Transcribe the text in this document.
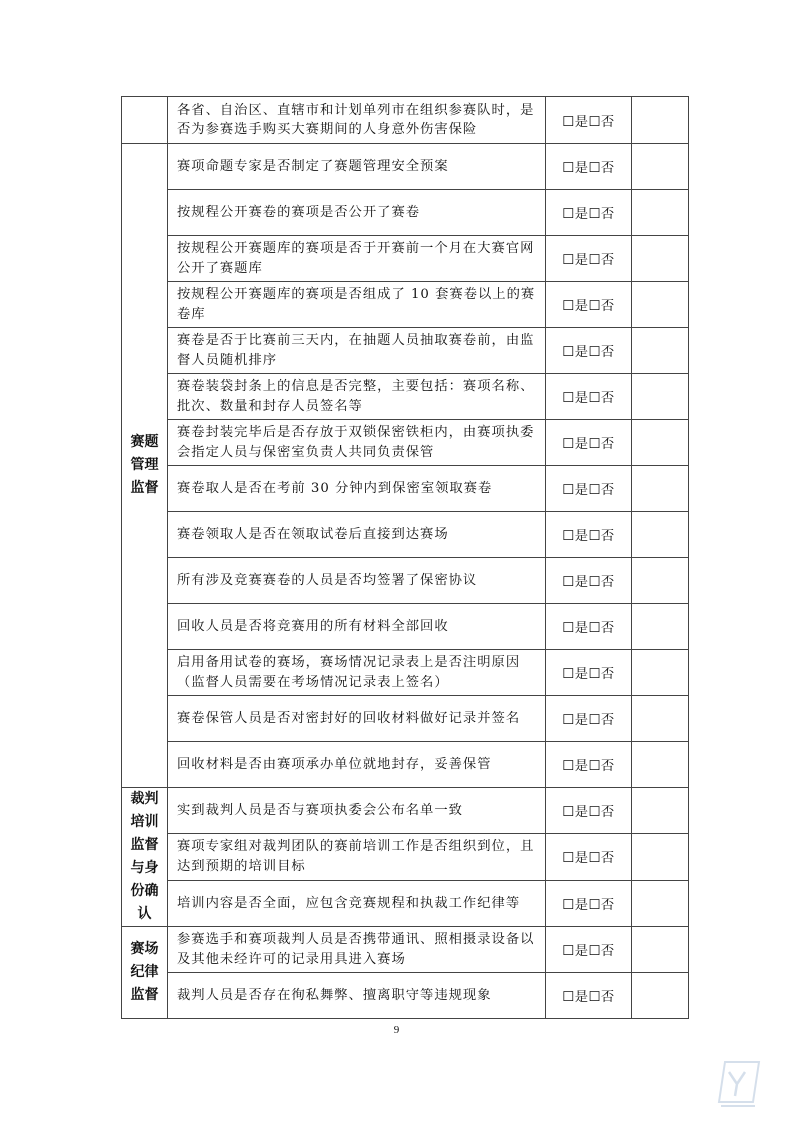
	各省、自治区、直辖市和计划单列市在组织参赛队时，是否为参赛选手购买大赛期间的人身意外伤害保险	☐是☐否	
赛题管理监督	赛项命题专家是否制定了赛题管理安全预案	☐是☐否	
	按规程公开赛卷的赛项是否公开了赛卷	☐是☐否	
	按规程公开赛题库的赛项是否于开赛前一个月在大赛官网公开了赛题库	☐是☐否	
	按规程公开赛题库的赛项是否组成了 10 套赛卷以上的赛卷库	☐是☐否	
	赛卷是否于比赛前三天内，在抽题人员抽取赛卷前，由监督人员随机排序	☐是☐否	
	赛卷装袋封条上的信息是否完整，主要包括：赛项名称、批次、数量和封存人员签名等	☐是☐否	
	赛卷封装完毕后是否存放于双锁保密铁柜内，由赛项执委会指定人员与保密室负责人共同负责保管	☐是☐否	
	赛卷取人是否在考前 30 分钟内到保密室领取赛卷	☐是☐否	
	赛卷领取人是否在领取试卷后直接到达赛场	☐是☐否	
	所有涉及竞赛赛卷的人员是否均签署了保密协议	☐是☐否	
	回收人员是否将竞赛用的所有材料全部回收	☐是☐否	
	启用备用试卷的赛场，赛场情况记录表上是否注明原因（监督人员需要在考场情况记录表上签名）	☐是☐否	
	赛卷保管人员是否对密封好的回收材料做好记录并签名	☐是☐否	
	回收材料是否由赛项承办单位就地封存，妥善保管	☐是☐否	
裁判培训监督与身份确认	实到裁判人员是否与赛项执委会公布名单一致	☐是☐否	
	赛项专家组对裁判团队的赛前培训工作是否组织到位，且达到预期的培训目标	☐是☐否	
	培训内容是否全面，应包含竞赛规程和执裁工作纪律等	☐是☐否	
赛场纪律监督	参赛选手和赛项裁判人员是否携带通讯、照相摄录设备以及其他未经许可的记录用具进入赛场	☐是☐否	
	裁判人员是否存在徇私舞弊、擅离职守等违规现象	☐是☐否	
9
